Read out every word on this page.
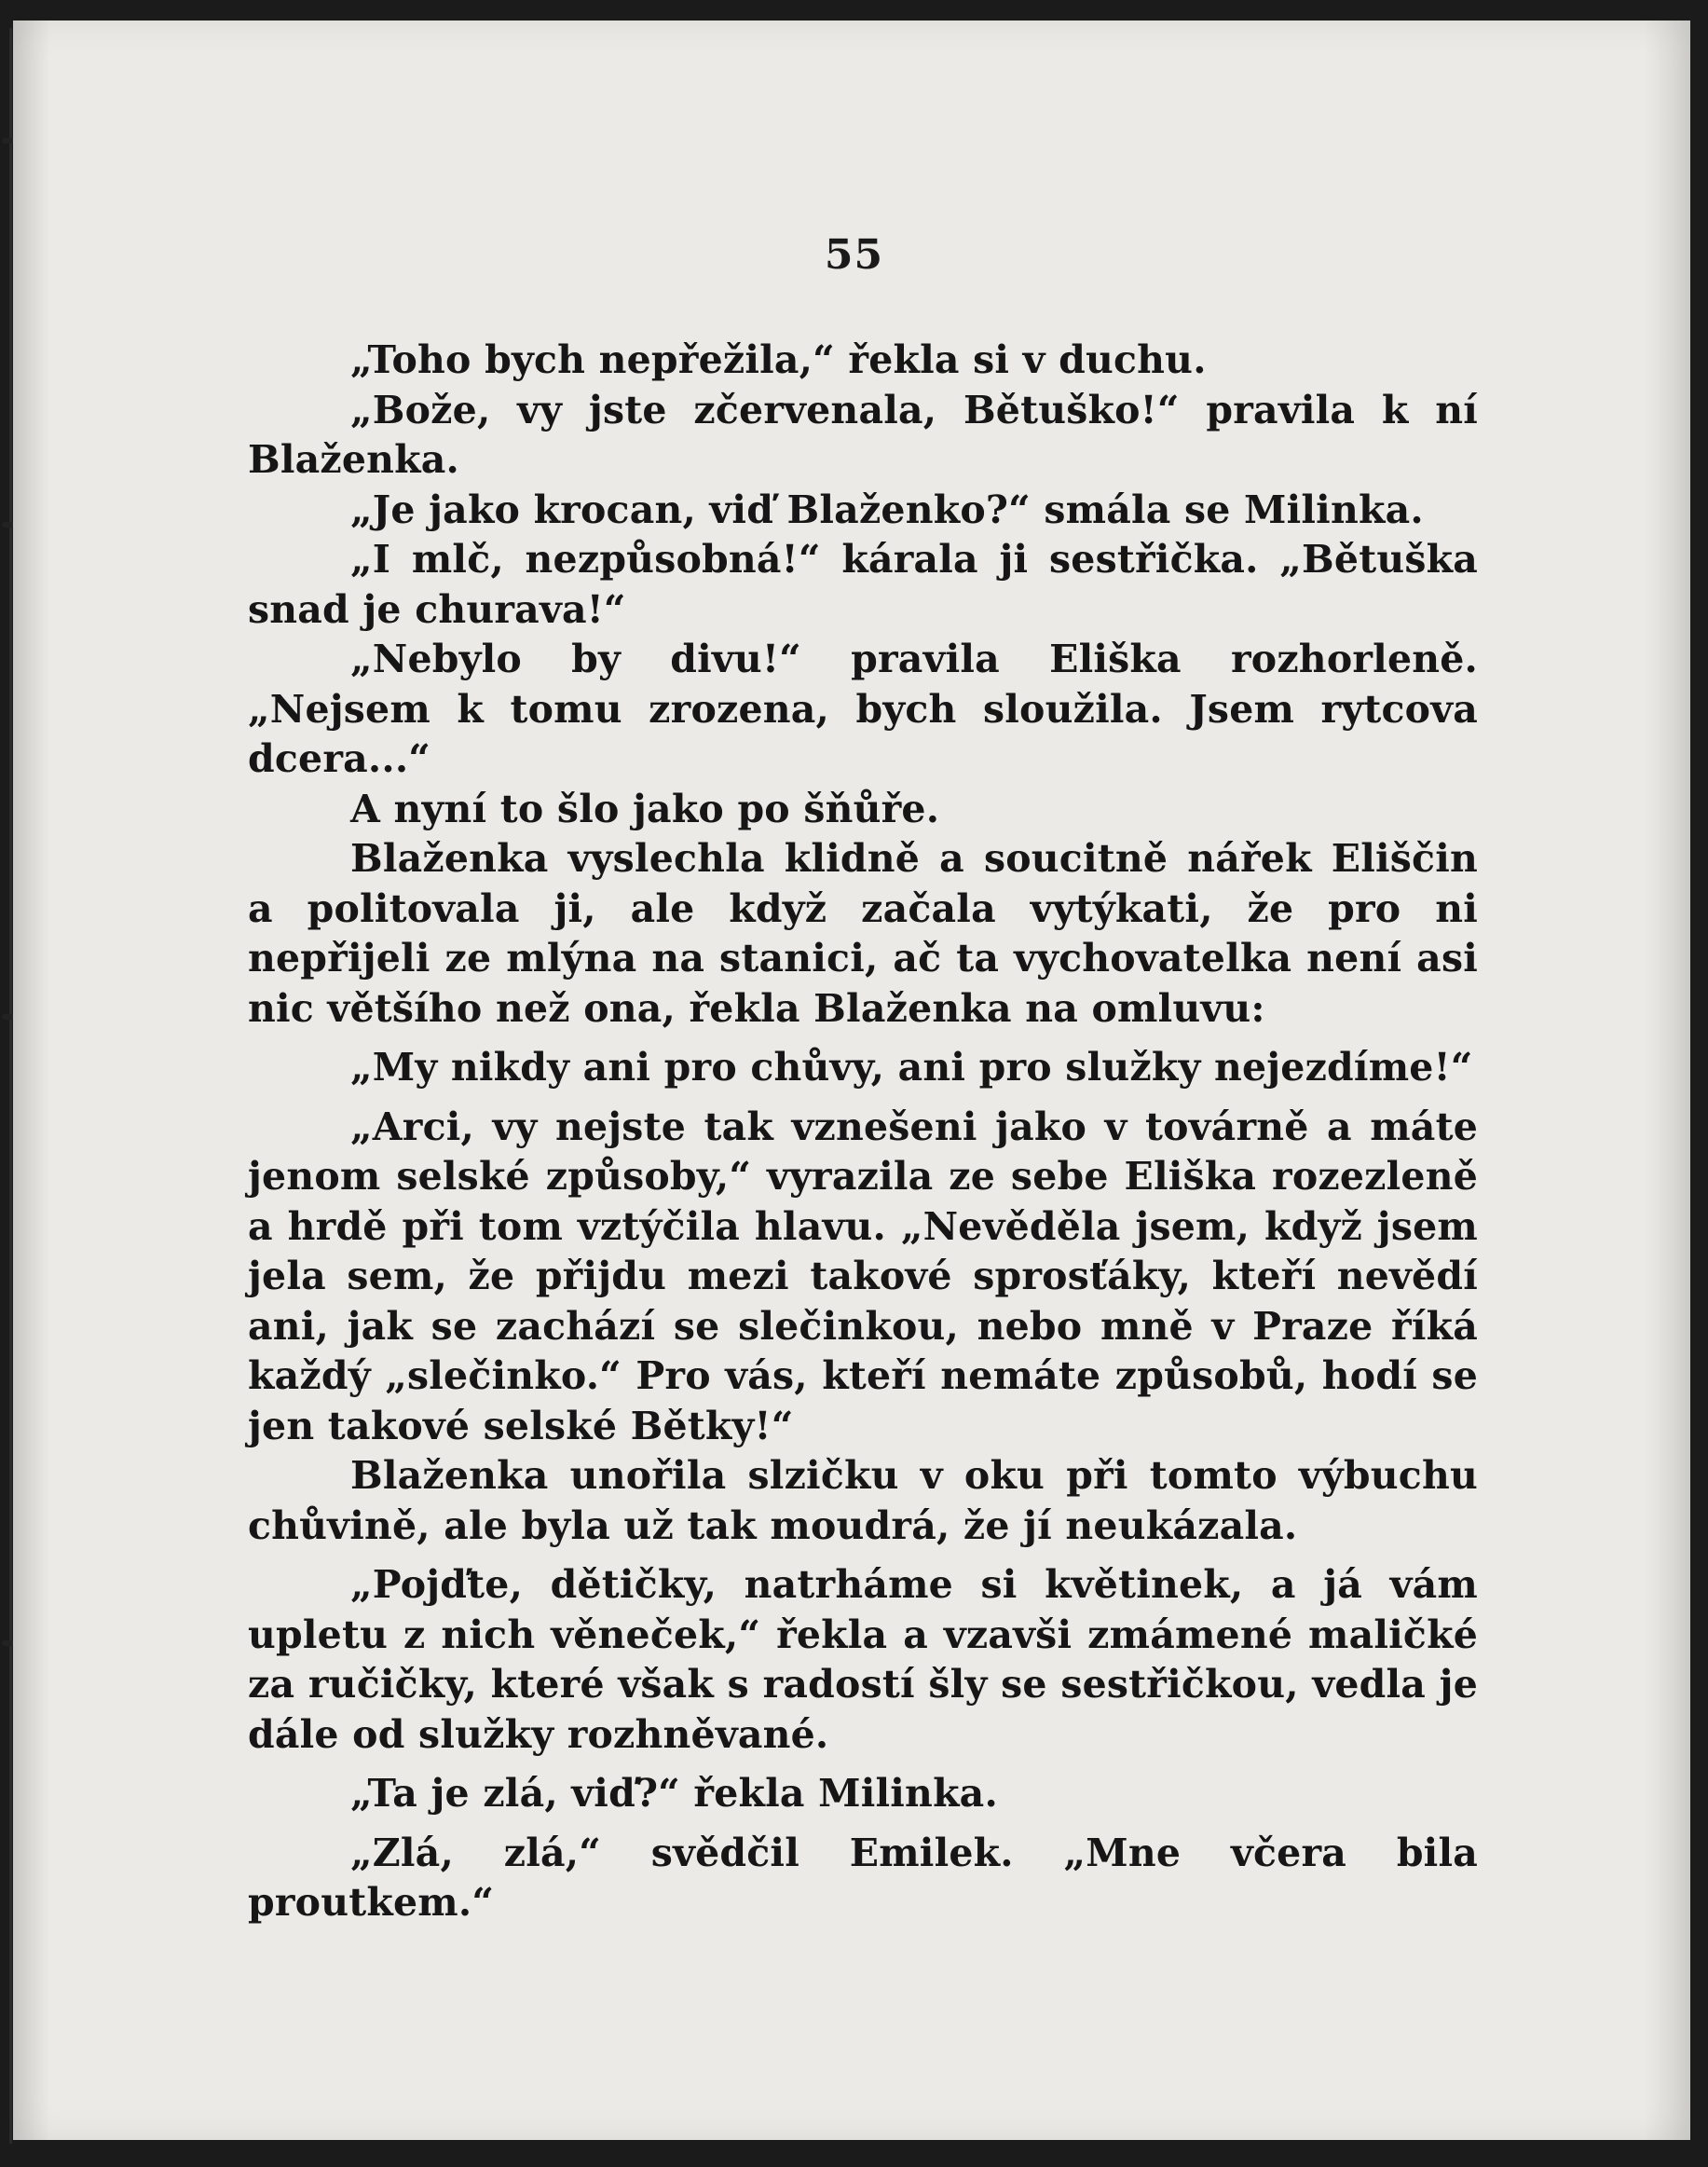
55

„Toho bych nepřežila,“ řekla si v duchu.

„Bože, vy jste zčervenala, Bětuško!“ pravila k ní Blaženka.

„Je jako krocan, viď Blaženko?“ smála se Milinka.

„I mlč, nezpůsobná!“ kárala ji sestřička. „Bětuška snad je churava!“

„Nebylo by divu!“ pravila Eliška rozhorleně. „Nejsem k tomu zrozena, bych sloužila. Jsem rytcova dcera...“

A nyní to šlo jako po šňůře.

Blaženka vyslechla klidně a soucitně nářek Eliščin a politovala ji, ale když začala vytýkati, že pro ni nepřijeli ze mlýna na stanici, ač ta vychovatelka není asi nic většího než ona, řekla Blaženka na omluvu:

„My nikdy ani pro chůvy, ani pro služky nejezdíme!“

„Arci, vy nejste tak vznešeni jako v továrně a máte jenom selské způsoby,“ vyrazila ze sebe Eliška rozezleně a hrdě při tom vztýčila hlavu. „Nevěděla jsem, když jsem jela sem, že přijdu mezi takové sprosťáky, kteří nevědí ani, jak se zachází se slečinkou, nebo mně v Praze říká každý „slečinko.“ Pro vás, kteří nemáte způsobů, hodí se jen takové selské Bětky!“

Blaženka unořila slzičku v oku při tomto výbuchu chůvině, ale byla už tak moudrá, že jí neukázala.

„Pojďte, dětičky, natrháme si květinek, a já vám upletu z nich věneček,“ řekla a vzavši zmámené maličké za ručičky, které však s radostí šly se sestřičkou, vedla je dále od služky rozhněvané.

„Ta je zlá, viď?“ řekla Milinka.

„Zlá, zlá,“ svědčil Emilek. „Mne včera bila proutkem.“
